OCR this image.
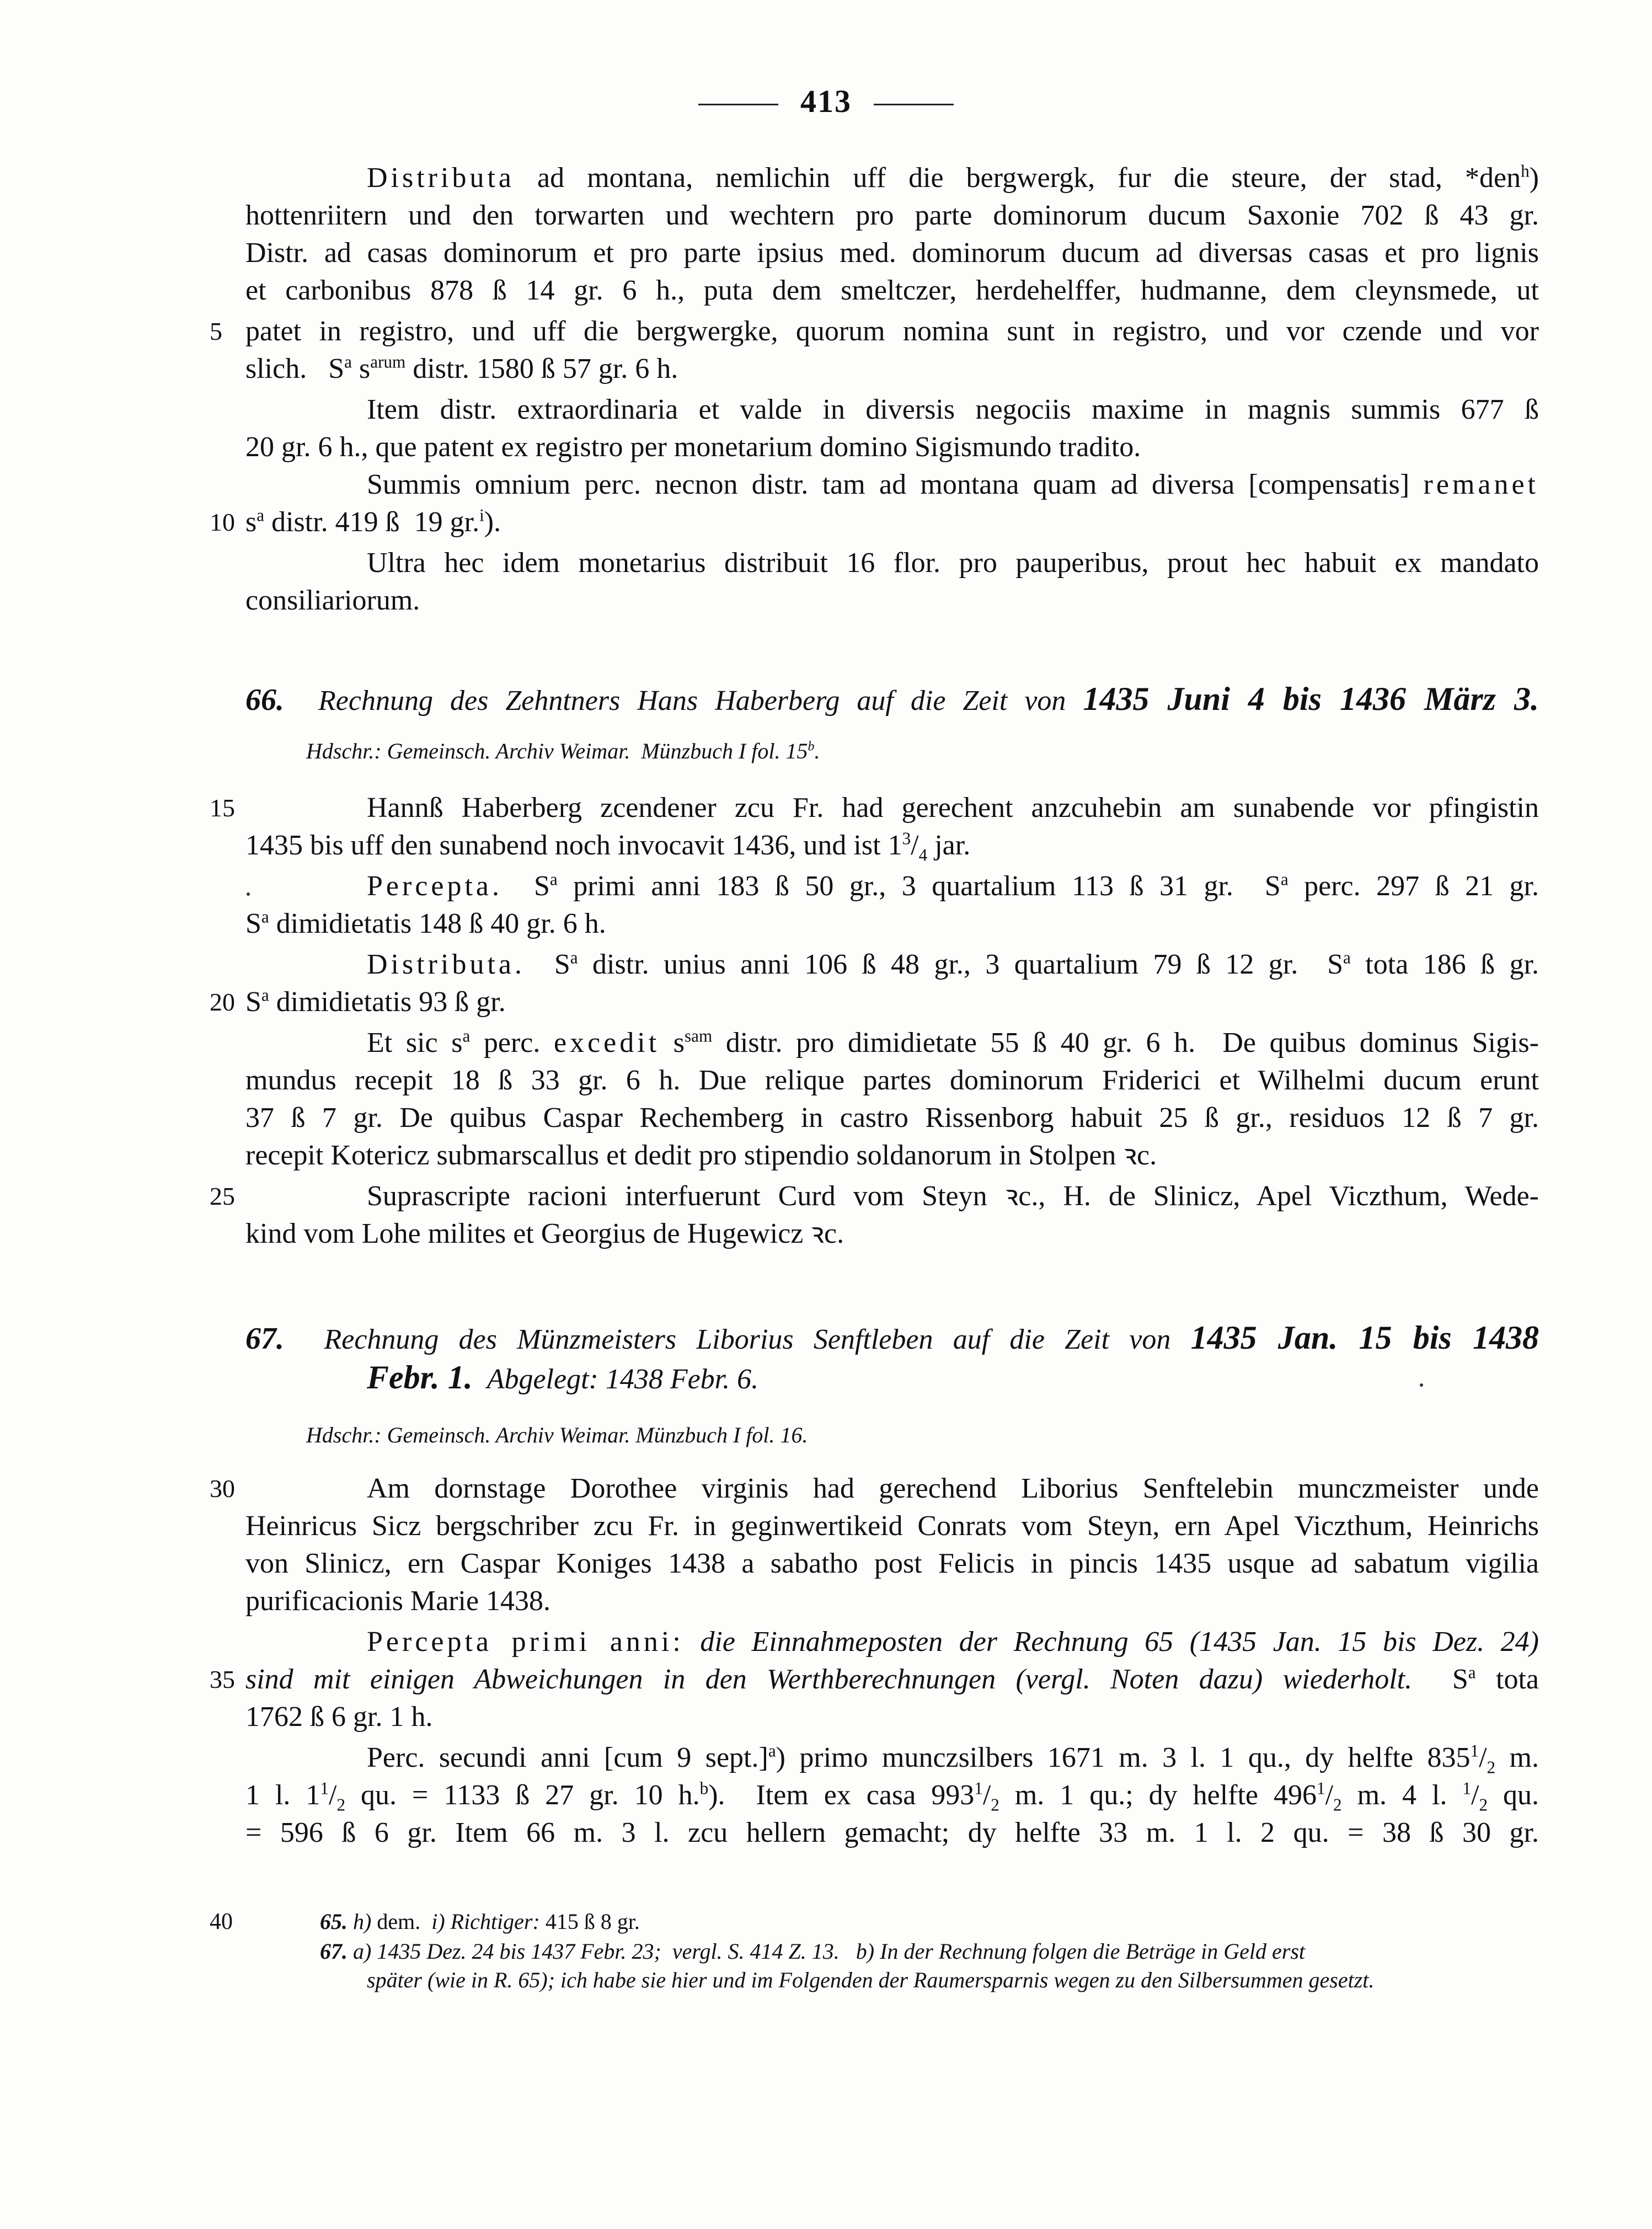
413
Distributa ad montana, nemlichin uff die bergwergk, fur die steure, der stad, *den$^h$)
hottenriitern und den torwarten und wechtern pro parte dominorum ducum Saxonie 702 ß 43 gr.
Distr. ad casas dominorum et pro parte ipsius med. dominorum ducum ad diversas casas et pro lignis
et carbonibus 878 ß 14 gr. 6 h., puta dem smeltczer, herdehelffer, hudmanne, dem cleynsmede, ut
5 patet in registro, und uff die bergwergke, quorum nomina sunt in registro, und vor czende und vor
slich.   $S^a$ $s^{arum}$ distr. 1580 ß 57 gr. 6 h.
Item distr. extraordinaria et valde in diversis negociis maxime in magnis summis 677 ß
20 gr. 6 h., que patent ex registro per monetarium domino Sigismundo tradito.
Summis omnium perc. necnon distr. tam ad montana quam ad diversa [compensatis] remanet
10 $s^a$ distr. 419 ß  19 gr.$^i$).
Ultra hec idem monetarius distribuit 16 flor. pro pauperibus, prout hec habuit ex mandato
consiliariorum.
66. Rechnung des Zehntners Hans Haberberg auf die Zeit von 1435 Juni 4 bis 1436 März 3.
Hdschr.: Gemeinsch. Archiv Weimar.  Münzbuch I fol. 15$^b$.
15	Hannß Haberberg zcendener zcu Fr. had gerechent anzcuhebin am sunabende vor pfingistin
1435 bis uff den sunabend noch invocavit 1436, und ist $1^3/_4$ jar.
Percepta.  $S^a$ primi anni 183 ß 50 gr., 3 quartalium 113 ß 31 gr.  $S^a$ perc. 297 ß 21 gr.
$S^a$ dimidietatis 148 ß 40 gr. 6 h.
Distributa.  $S^a$ distr. unius anni 106 ß 48 gr., 3 quartalium 79 ß 12 gr.  $S^a$ tota 186 ß gr.
20 $S^a$ dimidietatis 93 ß gr.
Et sic $s^a$ perc. excedit $s^{sam}$ distr. pro dimidietate 55 ß 40 gr. 6 h.  De quibus dominus Sigis-
mundus recepit 18 ß 33 gr. 6 h. Due relique partes dominorum Friderici et Wilhelmi ducum erunt
37 ß 7 gr. De quibus Caspar Rechemberg in castro Rissenborg habuit 25 ß gr., residuos 12 ß 7 gr.
recepit Kotericz submarscallus et dedit pro stipendio soldanorum in Stolpen ꝛc.
25	Suprascripte racioni interfuerunt Curd vom Steyn ꝛc., H. de Slinicz, Apel Viczthum, Wede-
kind vom Lohe milites et Georgius de Hugewicz ꝛc.
67. Rechnung des Münzmeisters Liborius Senftleben auf die Zeit von 1435 Jan. 15 bis 1438
Febr. 1. Abgelegt: 1438 Febr. 6.
Hdschr.: Gemeinsch. Archiv Weimar. Münzbuch I fol. 16.
30	Am dornstage Dorothee virginis had gerechend Liborius Senftelebin munczmeister unde
Heinricus Sicz bergschriber zcu Fr. in geginwertikeid Conrats vom Steyn, ern Apel Viczthum, Heinrichs
von Slinicz, ern Caspar Koniges 1438 a sabatho post Felicis in pincis 1435 usque ad sabatum vigilia
purificacionis Marie 1438.
Percepta primi anni: die Einnahmeposten der Rechnung 65 (1435 Jan. 15 bis Dez. 24)
35 sind mit einigen Abweichungen in den Werthberechnungen (vergl. Noten dazu) wiederholt.  $S^a$ tota
1762 ß 6 gr. 1 h.
Perc. secundi anni [cum 9 sept.]$^a$) primo munczsilbers 1671 m. 3 l. 1 qu., dy helfte $835^1/_2$ m.
1 l. $1^1/_2$ qu. = 1133 ß 27 gr. 10 h.$^b$).  Item ex casa $993^1/_2$ m. 1 qu.; dy helfte $496^1/_2$ m. 4 l. $^1/_2$ qu.
= 596 ß 6 gr. Item 66 m. 3 l. zcu hellern gemacht; dy helfte 33 m. 1 l. 2 qu. = 38 ß 30 gr.
40	65. h) dem.  i) Richtiger: 415 ß 8 gr.
67. a) 1435 Dez. 24 bis 1437 Febr. 23;  vergl. S. 414 Z. 13.   b) In der Rechnung folgen die Beträge in Geld erst
später (wie in R. 65); ich habe sie hier und im Folgenden der Raumersparnis wegen zu den Silbersummen gesetzt.
